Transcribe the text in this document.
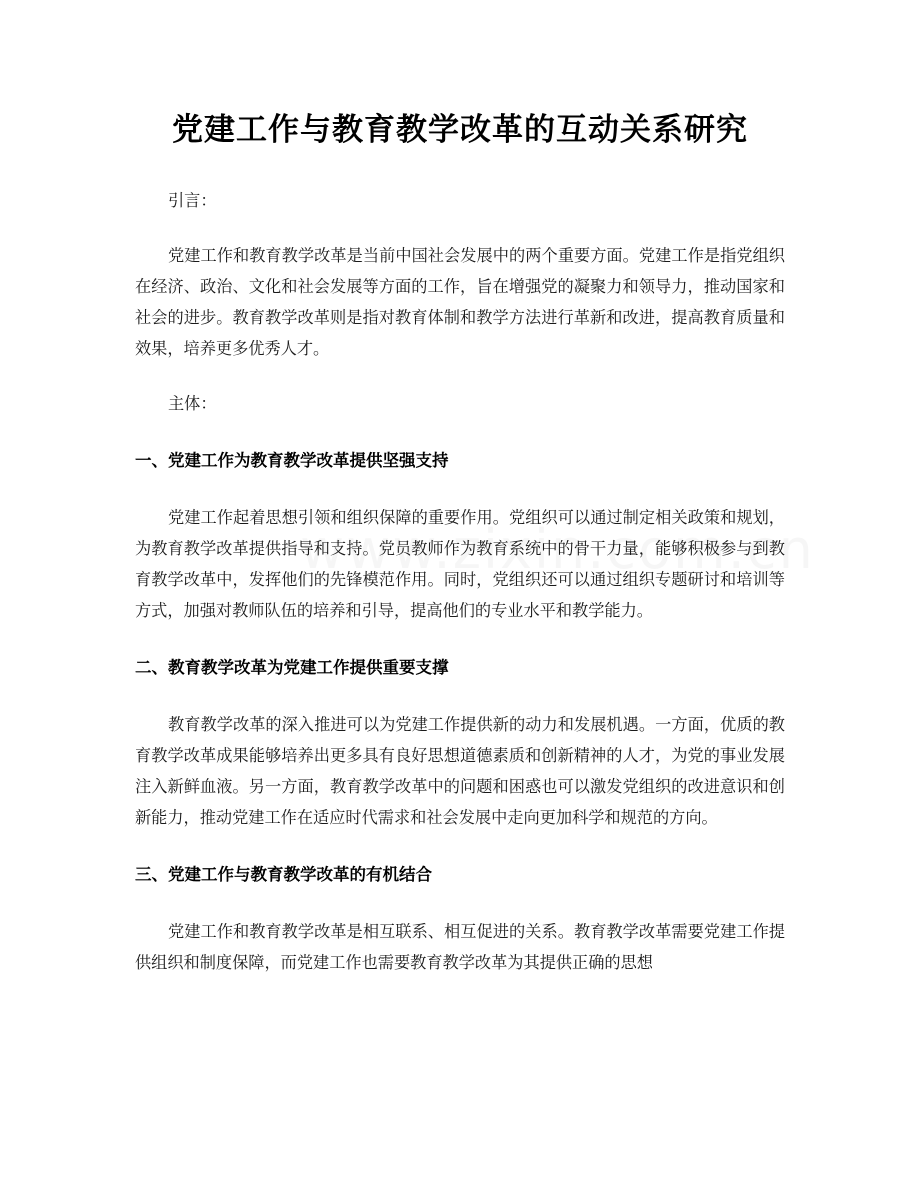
党建工作与教育教学改革的互动关系研究

引言：

党建工作和教育教学改革是当前中国社会发展中的两个重要方面。党建工作是指党组织在经济、政治、文化和社会发展等方面的工作，旨在增强党的凝聚力和领导力，推动国家和社会的进步。教育教学改革则是指对教育体制和教学方法进行革新和改进，提高教育质量和效果，培养更多优秀人才。

主体：

一、党建工作为教育教学改革提供坚强支持

党建工作起着思想引领和组织保障的重要作用。党组织可以通过制定相关政策和规划，为教育教学改革提供指导和支持。党员教师作为教育系统中的骨干力量，能够积极参与到教育教学改革中，发挥他们的先锋模范作用。同时，党组织还可以通过组织专题研讨和培训等方式，加强对教师队伍的培养和引导，提高他们的专业水平和教学能力。

二、教育教学改革为党建工作提供重要支撑

教育教学改革的深入推进可以为党建工作提供新的动力和发展机遇。一方面，优质的教育教学改革成果能够培养出更多具有良好思想道德素质和创新精神的人才，为党的事业发展注入新鲜血液。另一方面，教育教学改革中的问题和困惑也可以激发党组织的改进意识和创新能力，推动党建工作在适应时代需求和社会发展中走向更加科学和规范的方向。

三、党建工作与教育教学改革的有机结合

党建工作和教育教学改革是相互联系、相互促进的关系。教育教学改革需要党建工作提供组织和制度保障，而党建工作也需要教育教学改革为其提供正确的思想
